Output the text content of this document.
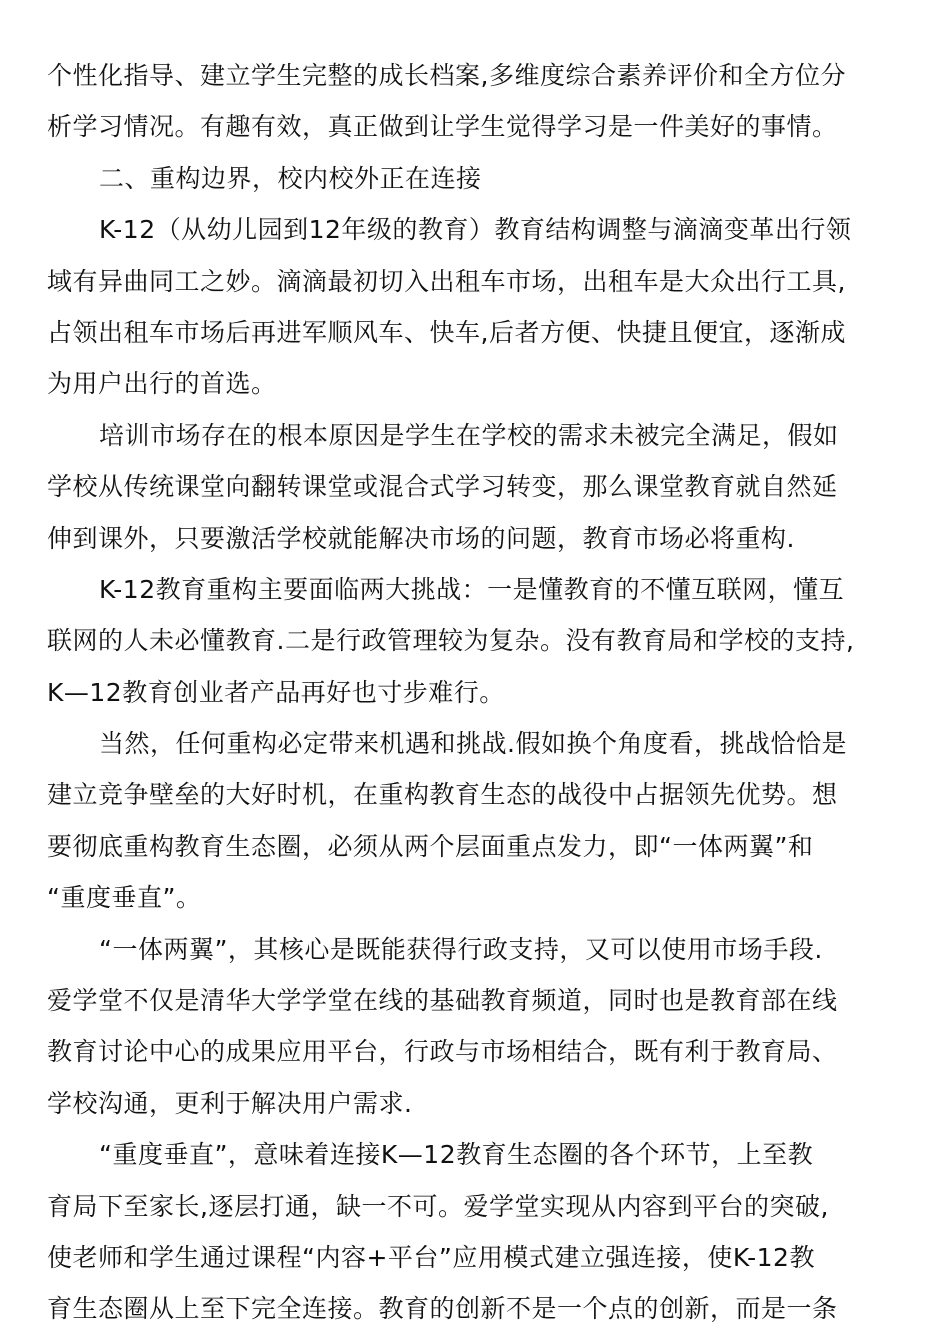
个性化指导、建立学生完整的成长档案,多维度综合素养评价和全方位分
析学习情况。有趣有效，真正做到让学生觉得学习是一件美好的事情。
二、重构边界，校内校外正在连接
K-12（从幼儿园到12年级的教育）教育结构调整与滴滴变革出行领
域有异曲同工之妙。滴滴最初切入出租车市场，出租车是大众出行工具,
占领出租车市场后再进军顺风车、快车,后者方便、快捷且便宜，逐渐成
为用户出行的首选。
培训市场存在的根本原因是学生在学校的需求未被完全满足，假如
学校从传统课堂向翻转课堂或混合式学习转变，那么课堂教育就自然延
伸到课外，只要激活学校就能解决市场的问题，教育市场必将重构.
K-12教育重构主要面临两大挑战：一是懂教育的不懂互联网，懂互
联网的人未必懂教育.二是行政管理较为复杂。没有教育局和学校的支持,
K—12教育创业者产品再好也寸步难行。
当然，任何重构必定带来机遇和挑战.假如换个角度看，挑战恰恰是
建立竞争壁垒的大好时机，在重构教育生态的战役中占据领先优势。想
要彻底重构教育生态圈，必须从两个层面重点发力，即“一体两翼”和
“重度垂直”。
“一体两翼”，其核心是既能获得行政支持，又可以使用市场手段.
爱学堂不仅是清华大学学堂在线的基础教育频道，同时也是教育部在线
教育讨论中心的成果应用平台，行政与市场相结合，既有利于教育局、
学校沟通，更利于解决用户需求.
“重度垂直”，意味着连接K—12教育生态圈的各个环节，上至教
育局下至家长,逐层打通，缺一不可。爱学堂实现从内容到平台的突破,
使老师和学生通过课程“内容+平台”应用模式建立强连接，使K-12教
育生态圈从上至下完全连接。教育的创新不是一个点的创新，而是一条
